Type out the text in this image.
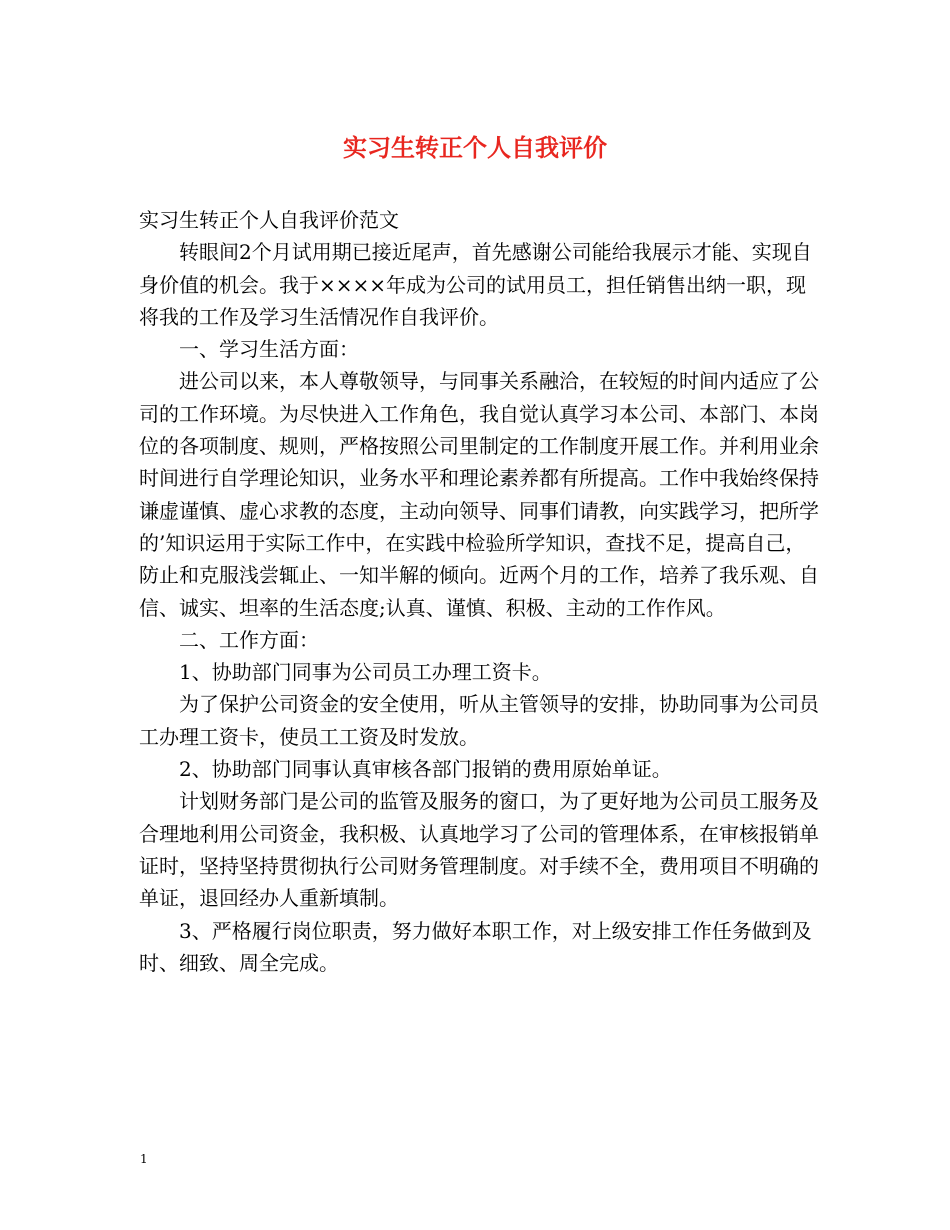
实习生转正个人自我评价

实习生转正个人自我评价范文

转眼间2个月试用期已接近尾声，首先感谢公司能给我展示才能、实现自身价值的机会。我于××××年成为公司的试用员工，担任销售出纳一职，现将我的工作及学习生活情况作自我评价。

一、学习生活方面：

进公司以来，本人尊敬领导，与同事关系融洽，在较短的时间内适应了公司的工作环境。为尽快进入工作角色，我自觉认真学习本公司、本部门、本岗位的各项制度、规则，严格按照公司里制定的工作制度开展工作。并利用业余时间进行自学理论知识，业务水平和理论素养都有所提高。工作中我始终保持谦虚谨慎、虚心求教的态度，主动向领导、同事们请教，向实践学习，把所学的’知识运用于实际工作中，在实践中检验所学知识，查找不足，提高自己，防止和克服浅尝辄止、一知半解的倾向。近两个月的工作，培养了我乐观、自信、诚实、坦率的生活态度;认真、谨慎、积极、主动的工作作风。

二、工作方面：

1、协助部门同事为公司员工办理工资卡。

为了保护公司资金的安全使用，听从主管领导的安排，协助同事为公司员工办理工资卡，使员工工资及时发放。

2、协助部门同事认真审核各部门报销的费用原始单证。

计划财务部门是公司的监管及服务的窗口，为了更好地为公司员工服务及合理地利用公司资金，我积极、认真地学习了公司的管理体系，在审核报销单证时，坚持坚持贯彻执行公司财务管理制度。对手续不全，费用项目不明确的单证，退回经办人重新填制。

3、严格履行岗位职责，努力做好本职工作，对上级安排工作任务做到及时、细致、周全完成。

1
